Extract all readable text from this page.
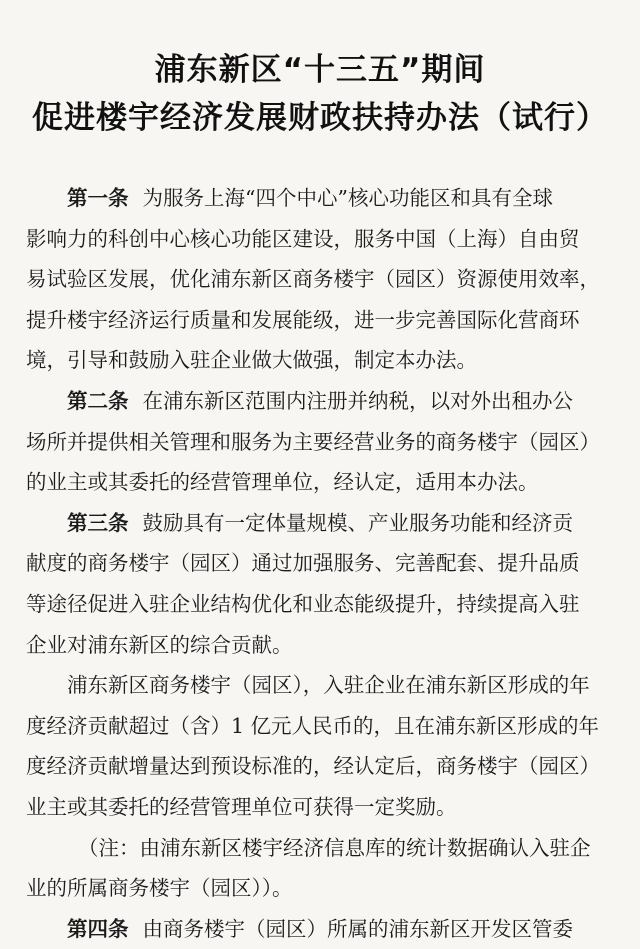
浦东新区“十三五”期间
促进楼宇经济发展财政扶持办法（试行）
第一条 为服务上海“四个中心”核心功能区和具有全球
影响力的科创中心核心功能区建设，服务中国（上海）自由贸
易试验区发展，优化浦东新区商务楼宇（园区）资源使用效率，
提升楼宇经济运行质量和发展能级，进一步完善国际化营商环
境，引导和鼓励入驻企业做大做强，制定本办法。
第二条 在浦东新区范围内注册并纳税，以对外出租办公
场所并提供相关管理和服务为主要经营业务的商务楼宇（园区）
的业主或其委托的经营管理单位，经认定，适用本办法。
第三条 鼓励具有一定体量规模、产业服务功能和经济贡
献度的商务楼宇（园区）通过加强服务、完善配套、提升品质
等途径促进入驻企业结构优化和业态能级提升，持续提高入驻
企业对浦东新区的综合贡献。
浦东新区商务楼宇（园区），入驻企业在浦东新区形成的年
度经济贡献超过（含）1 亿元人民币的，且在浦东新区形成的年
度经济贡献增量达到预设标准的，经认定后，商务楼宇（园区）
业主或其委托的经营管理单位可获得一定奖励。
（注：由浦东新区楼宇经济信息库的统计数据确认入驻企
业的所属商务楼宇（园区））。
第四条 由商务楼宇（园区）所属的浦东新区开发区管委
